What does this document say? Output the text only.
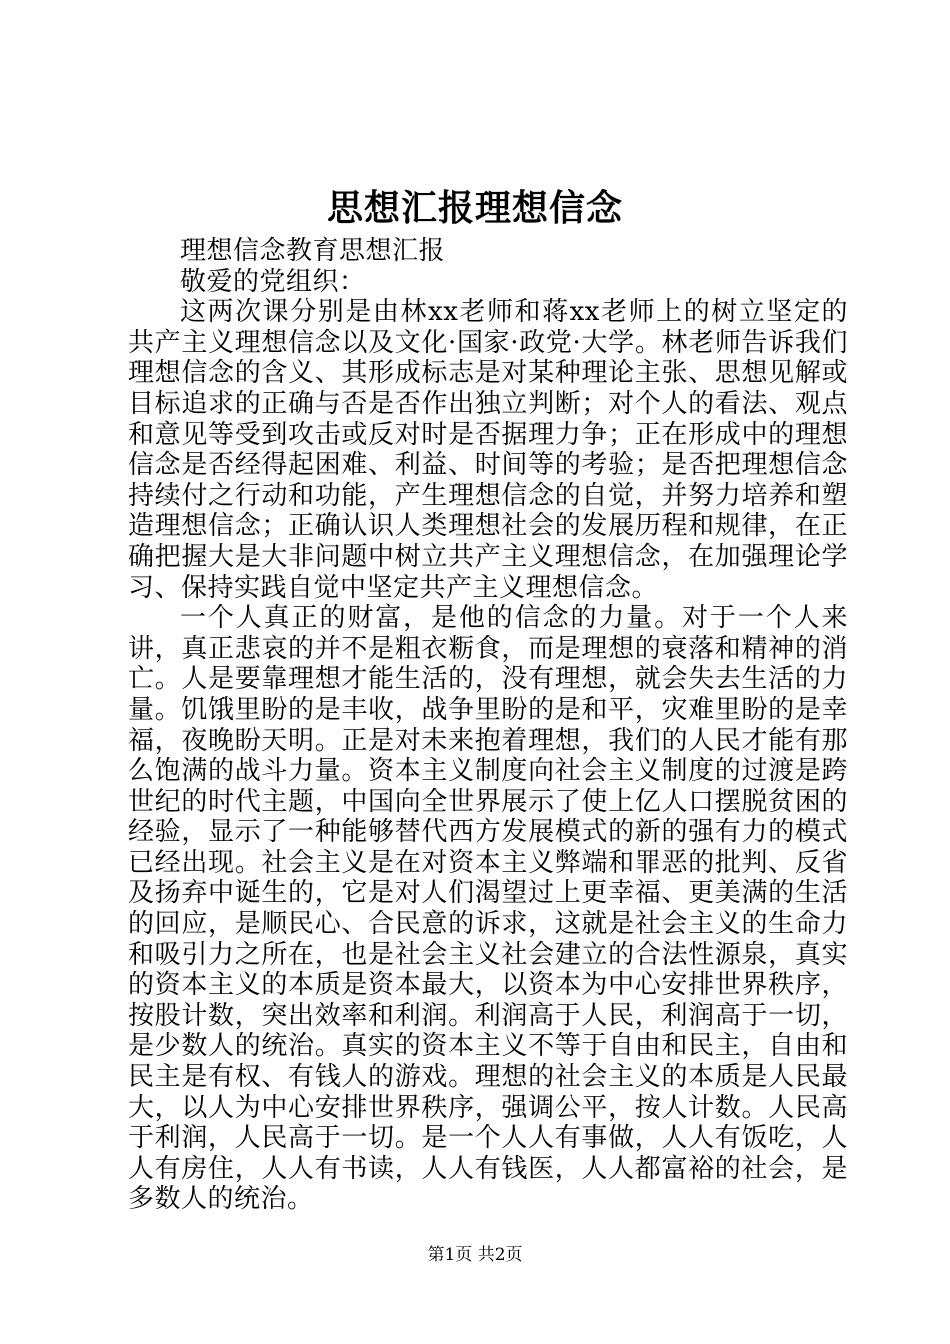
思想汇报理想信念

理想信念教育思想汇报

敬爱的党组织：

这两次课分别是由林xx老师和蒋xx老师上的树立坚定的共产主义理想信念以及文化·国家·政党·大学。林老师告诉我们理想信念的含义、其形成标志是对某种理论主张、思想见解或目标追求的正确与否是否作出独立判断；对个人的看法、观点和意见等受到攻击或反对时是否据理力争；正在形成中的理想信念是否经得起困难、利益、时间等的考验；是否把理想信念持续付之行动和功能，产生理想信念的自觉，并努力培养和塑造理想信念；正确认识人类理想社会的发展历程和规律，在正确把握大是大非问题中树立共产主义理想信念，在加强理论学习、保持实践自觉中坚定共产主义理想信念。

一个人真正的财富，是他的信念的力量。对于一个人来讲，真正悲哀的并不是粗衣粝食，而是理想的衰落和精神的消亡。人是要靠理想才能生活的，没有理想，就会失去生活的力量。饥饿里盼的是丰收，战争里盼的是和平，灾难里盼的是幸福，夜晚盼天明。正是对未来抱着理想，我们的人民才能有那么饱满的战斗力量。资本主义制度向社会主义制度的过渡是跨世纪的时代主题，中国向全世界展示了使上亿人口摆脱贫困的经验，显示了一种能够替代西方发展模式的新的强有力的模式已经出现。社会主义是在对资本主义弊端和罪恶的批判、反省及扬弃中诞生的，它是对人们渴望过上更幸福、更美满的生活的回应，是顺民心、合民意的诉求，这就是社会主义的生命力和吸引力之所在，也是社会主义社会建立的合法性源泉，真实的资本主义的本质是资本最大，以资本为中心安排世界秩序，按股计数，突出效率和利润。利润高于人民，利润高于一切，是少数人的统治。真实的资本主义不等于自由和民主，自由和民主是有权、有钱人的游戏。理想的社会主义的本质是人民最大，以人为中心安排世界秩序，强调公平，按人计数。人民高于利润，人民高于一切。是一个人人有事做，人人有饭吃，人人有房住，人人有书读，人人有钱医，人人都富裕的社会，是多数人的统治。

第1页 共2页
